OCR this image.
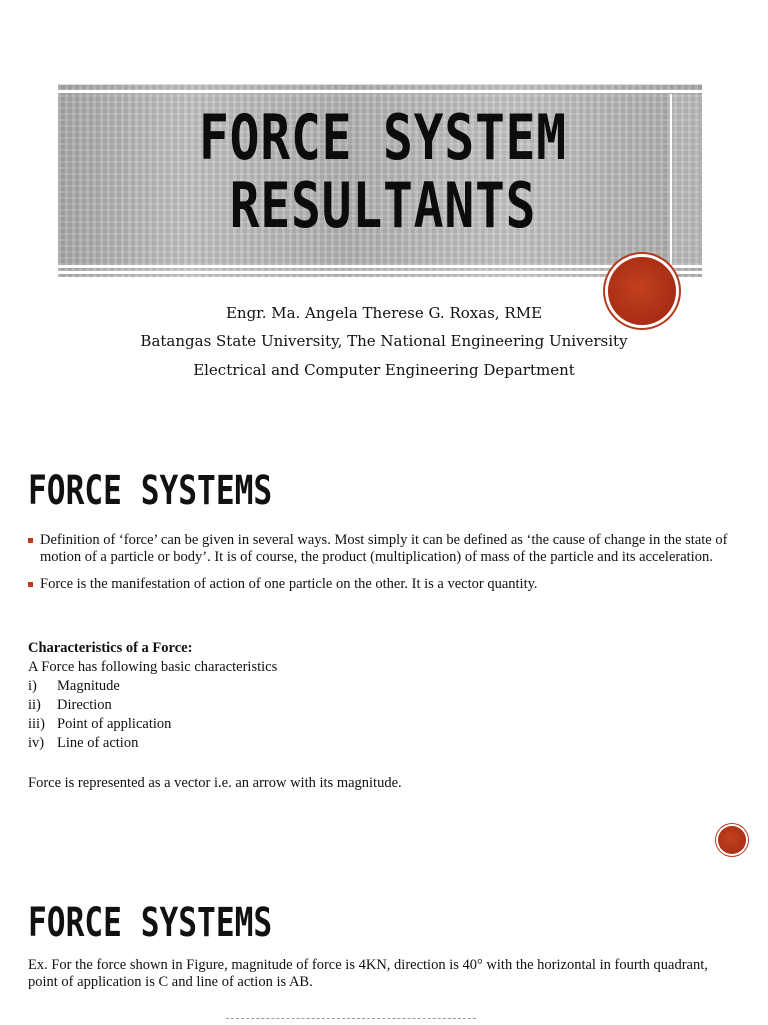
FORCE SYSTEM
RESULTANTS
Engr. Ma. Angela Therese G. Roxas, RME
Batangas State University, The National Engineering University
Electrical and Computer Engineering Department
FORCE SYSTEMS
Definition of ‘force’ can be given in several ways. Most simply it can be defined as ‘the cause of change in the state of motion of a particle or body’. It is of course, the product (multiplication) of mass of the particle and its acceleration.
Force is the manifestation of action of one particle on the other. It is a vector quantity.
Characteristics of a Force:
A Force has following basic characteristics
i)	Magnitude
ii)	Direction
iii) Point of application
iv) Line of action
Force is represented as a vector i.e. an arrow with its magnitude.
FORCE SYSTEMS
Ex. For the force shown in Figure, magnitude of force is 4KN, direction is 40° with the horizontal in fourth quadrant, point of application is C and line of action is AB.
